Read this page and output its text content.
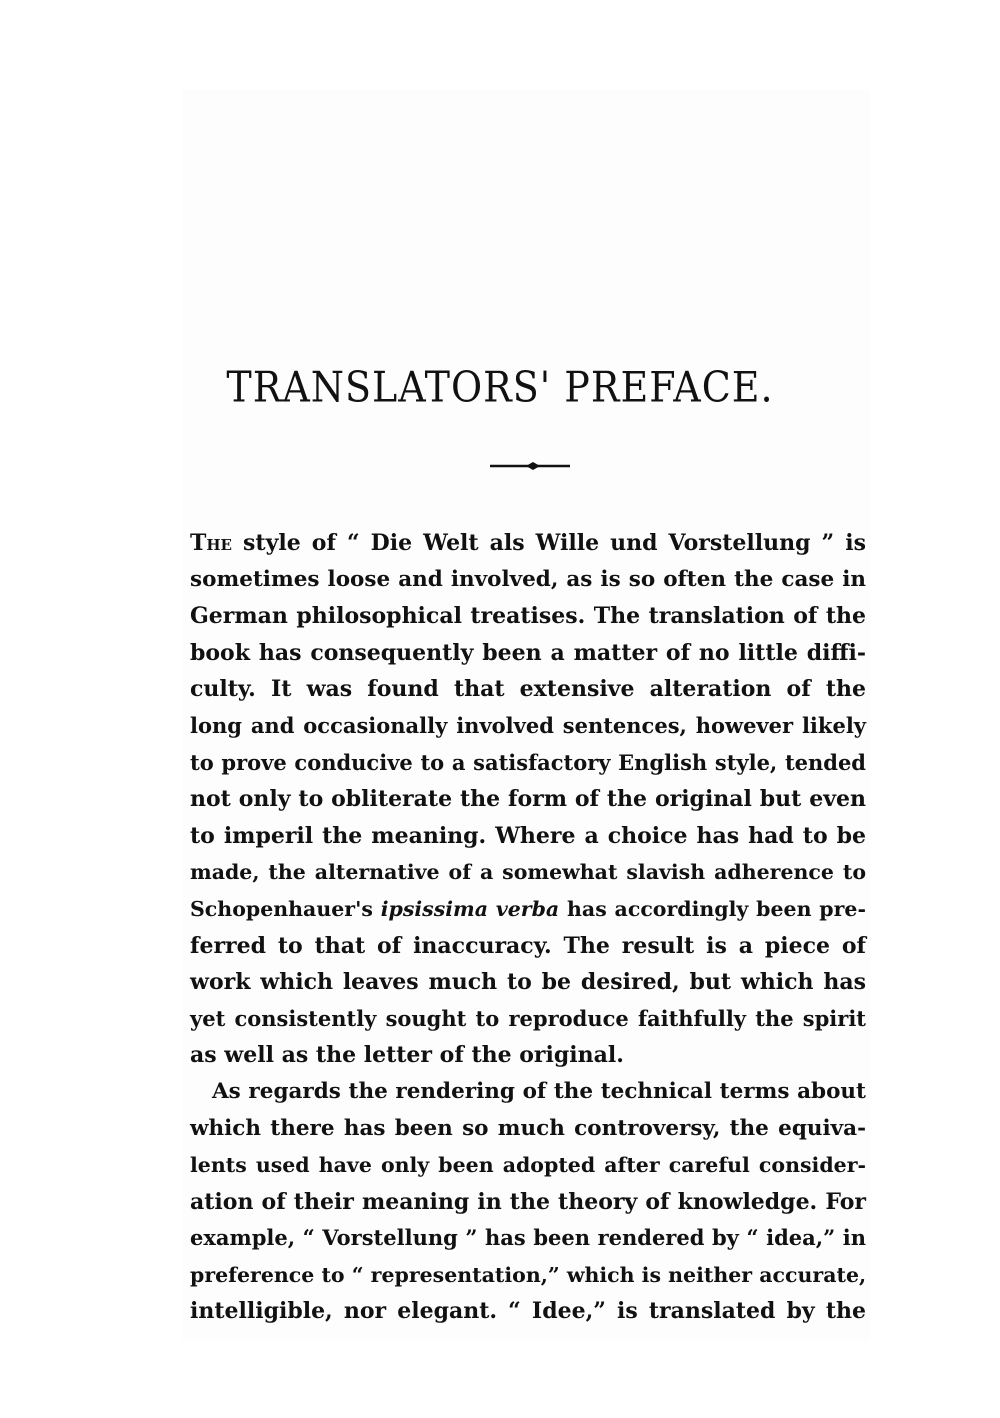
TRANSLATORS' PREFACE.
The style of “ Die Welt als Wille und Vorstellung ” is
sometimes loose and involved, as is so often the case in
German philosophical treatises. The translation of the
book has consequently been a matter of no little diffi-
culty. It was found that extensive alteration of the
long and occasionally involved sentences, however likely
to prove conducive to a satisfactory English style, tended
not only to obliterate the form of the original but even
to imperil the meaning. Where a choice has had to be
made, the alternative of a somewhat slavish adherence to
Schopenhauer's ipsissima verba has accordingly been pre-
ferred to that of inaccuracy. The result is a piece of
work which leaves much to be desired, but which has
yet consistently sought to reproduce faithfully the spirit
as well as the letter of the original.
As regards the rendering of the technical terms about
which there has been so much controversy, the equiva-
lents used have only been adopted after careful consider-
ation of their meaning in the theory of knowledge. For
example, “ Vorstellung ” has been rendered by “ idea,” in
preference to “ representation,” which is neither accurate,
intelligible, nor elegant. “ Idee,” is translated by the
